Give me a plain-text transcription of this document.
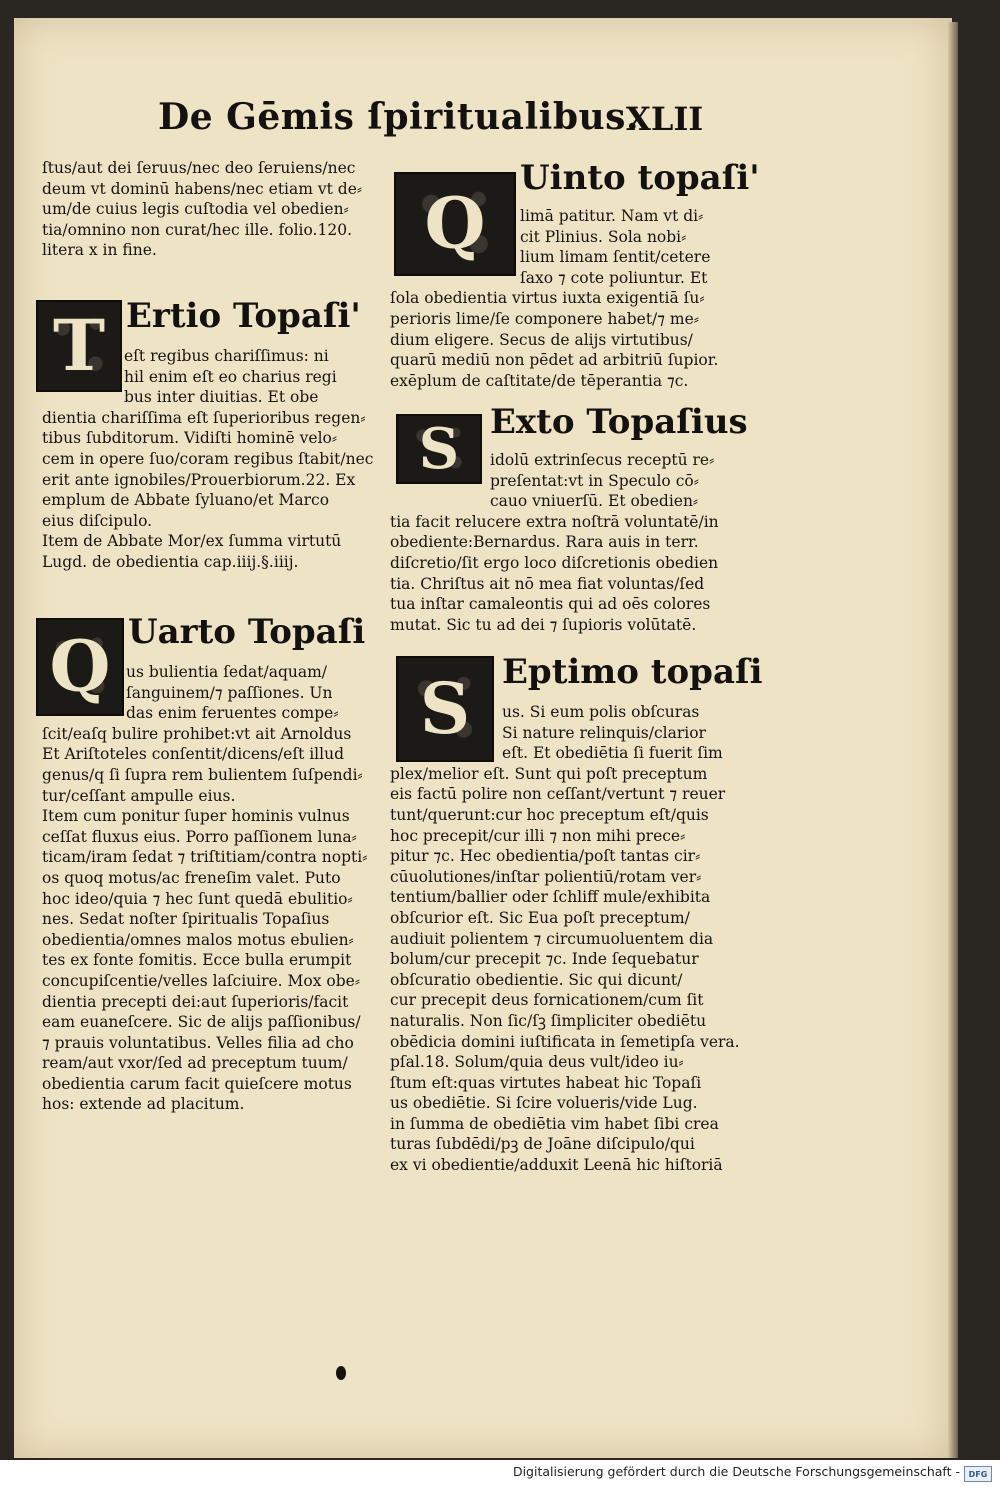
De Gēmis ſpiritualibus.
XLII

ſtus/aut dei ſeruus/nec deo ſeruiens/nec

deum vt dominū habens/nec etiam vt de⸗

um/de cuius legis cuſtodia vel obedien⸗

tia/omnino non curat/hec ille. folio.120.

litera x in fine.

T Ertio Topaſi'

eſt regibus chariſſimus: ni

hil enim eſt eo charius regi

bus inter diuitias. Et obe

dientia chariſſima eſt ſuperioribus regen⸗

tibus ſubditorum. Vidiſti hominē velo⸗

cem in opere ſuo/coram regibus ſtabit/nec

erit ante ignobiles/Prouerbiorum.22. Ex

emplum de Abbate ſyluano/et Marco

eius diſcipulo.

Item de Abbate Mor/ex ſumma virtutū

Lugd. de obedientia cap.iiij.§.iiij.

Q Uarto Topaſi

us bulientia ſedat/aquam/

ſanguinem/⁊ paſſiones. Un

das enim feruentes compe⸗

ſcit/eaſq bulire prohibet:vt ait Arnoldus

Et Ariſtoteles conſentit/dicens/eſt illud

genus/q ſi ſupra rem bulientem ſuſpendi⸗

tur/ceſſant ampulle eius.

Item cum ponitur ſuper hominis vulnus

ceſſat fluxus eius. Porro paſſionem luna⸗

ticam/iram ſedat ⁊ triſtitiam/contra nopti⸗

os quoq motus/ac freneſim valet. Puto

hoc ideo/quia ⁊ hec ſunt quedā ebulitio⸗

nes. Sedat noſter ſpiritualis Topaſius

obedientia/omnes malos motus ebulien⸗

tes ex fonte fomitis. Ecce bulla erumpit

concupiſcentie/velles laſciuire. Mox obe⸗

dientia precepti dei:aut ſuperioris/facit

eam euaneſcere. Sic de alijs paſſionibus/

⁊ prauis voluntatibus. Velles filia ad cho

ream/aut vxor/ſed ad preceptum tuum/

obedientia carum facit quieſcere motus

hos: extende ad placitum.

Q
Uinto topaſi'

limā patitur. Nam vt di⸗

cit Plinius. Sola nobi⸗

lium limam ſentit/cetere

ſaxo ⁊ cote poliuntur. Et

ſola obedientia virtus iuxta exigentiā ſu⸗

perioris lime/ſe componere habet/⁊ me⸗

dium eligere. Secus de alijs virtutibus/

quarū mediū non pēdet ad arbitriū ſupior.

exēplum de caſtitate/de tēperantia ⁊c.

S Exto Topaſius

idolū extrinſecus receptū re⸗

preſentat:vt in Speculo cō⸗

cauo vniuerſū. Et obedien⸗

tia facit relucere extra noſtrā voluntatē/in

obediente:Bernardus. Rara auis in terr.

diſcretio/ſit ergo loco diſcretionis obedien

tia. Chriſtus ait nō mea fiat voluntas/ſed

tua inſtar camaleontis qui ad oēs colores

mutat. Sic tu ad dei ⁊ ſupioris volūtatē.

S Eptimo topaſi

us. Si eum polis obſcuras

Si nature relinquis/clarior

eſt. Et obediētia ſi fuerit ſim

plex/melior eſt. Sunt qui poſt preceptum

eis factū polire non ceſſant/vertunt ⁊ reuer

tunt/querunt:cur hoc preceptum eſt/quis

hoc precepit/cur illi ⁊ non mihi prece⸗

pitur ⁊c. Hec obedientia/poſt tantas cir⸗

cūuolutiones/inſtar polientiū/rotam ver⸗

tentium/ballier oder ſchliff mule/exhibita

obſcurior eſt. Sic Eua poſt preceptum/

audiuit polientem ⁊ circumuoluentem dia

bolum/cur precepit ⁊c. Inde ſequebatur

obſcuratio obedientie. Sic qui dicunt/

cur precepit deus fornicationem/cum ſit

naturalis. Non ſic/ſꝫ ſimpliciter obediētu

obēdicia domini iuſtificata in ſemetipſa vera.

pſal.18. Solum/quia deus vult/ideo iu⸗

ſtum eſt:quas virtutes habeat hic Topaſi

us obediētie. Si ſcire volueris/vide Lug.

in ſumma de obediētia vim habet ſibi crea

turas ſubdēdi/pꝫ de Joāne diſcipulo/qui

ex vi obedientie/adduxit Leenā hic hiſtoriā

Digitalisierung gefördert durch die Deutsche Forschungsgemeinschaft - DFG
